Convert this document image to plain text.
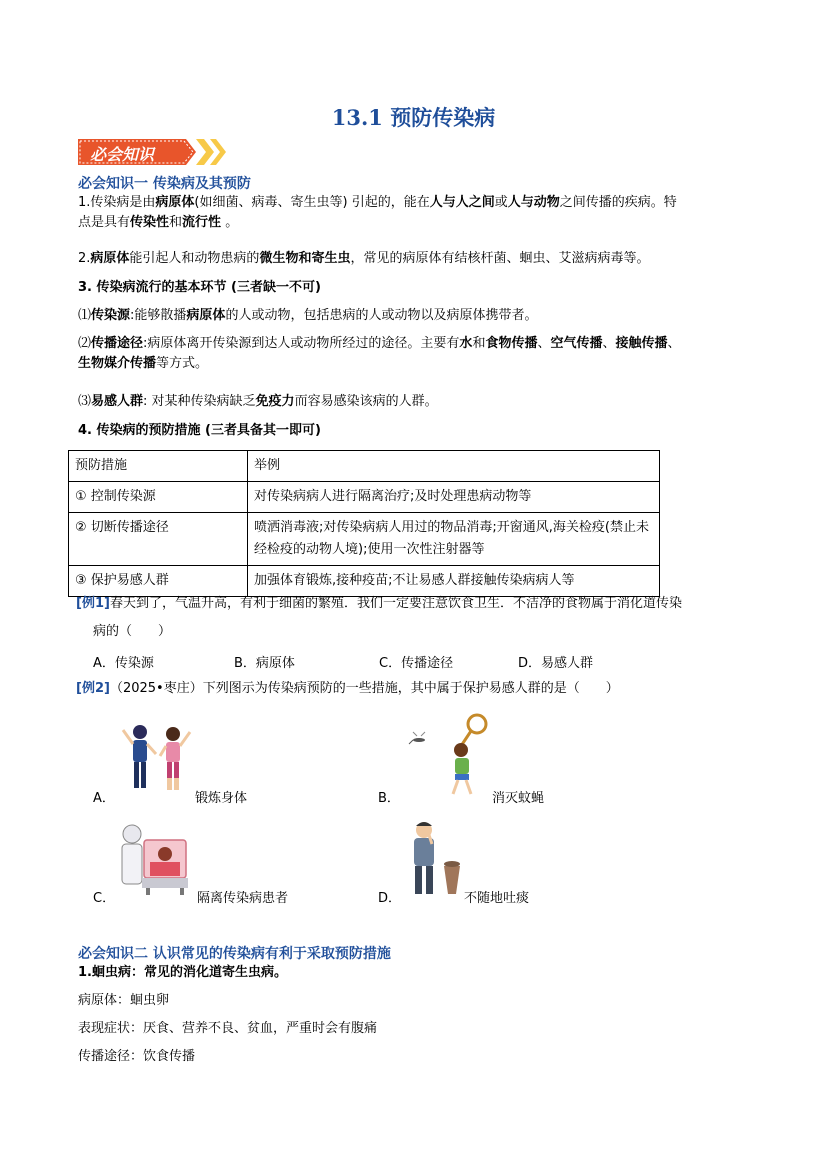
13.1 预防传染病
必会知识
必会知识一 传染病及其预防
1.传染病是由病原体(如细菌、病毒、寄生虫等) 引起的，能在人与人之间或人与动物之间传播的疾病。特
点是具有传染性和流行性 。
2.病原体能引起人和动物患病的微生物和寄生虫，常见的病原体有结核杆菌、蛔虫、艾滋病病毒等。
3. 传染病流行的基本环节 (三者缺一不可)
⑴传染源:能够散播病原体的人或动物，包括患病的人或动物以及病原体携带者。
⑵传播途径:病原体离开传染源到达人或动物所经过的途径。主要有水和食物传播、空气传播、接触传播、
生物媒介传播等方式。
⑶易感人群: 对某种传染病缺乏免疫力而容易感染该病的人群。
4. 传染病的预防措施 (三者具备其一即可)
预防措施	举例
① 控制传染源	对传染病病人进行隔离治疗;及时处理患病动物等
② 切断传播途径	喷洒消毒液;对传染病病人用过的物品消毒;开窗通风,海关检疫(禁止未经检疫的动物人境);使用一次性注射器等
③ 保护易感人群	加强体育锻炼,接种疫苗;不让易感人群接触传染病病人等
[例1]春天到了，气温升高，有利于细菌的繁殖．我们一定要注意饮食卫生．不洁净的食物属于消化道传染
病的（　　）
A．传染源	B．病原体	C．传播途径	D．易感人群
[例2]（2025•枣庄）下列图示为传染病预防的一些措施，其中属于保护易感人群的是（　　）
A．	锻炼身体	B．	消灭蚊蝇
C．	隔离传染病患者	D．	不随地吐痰
必会知识二 认识常见的传染病有利于采取预防措施
1.蛔虫病：常见的消化道寄生虫病。
病原体：蛔虫卵
表现症状：厌食、营养不良、贫血，严重时会有腹痛
传播途径：饮食传播
